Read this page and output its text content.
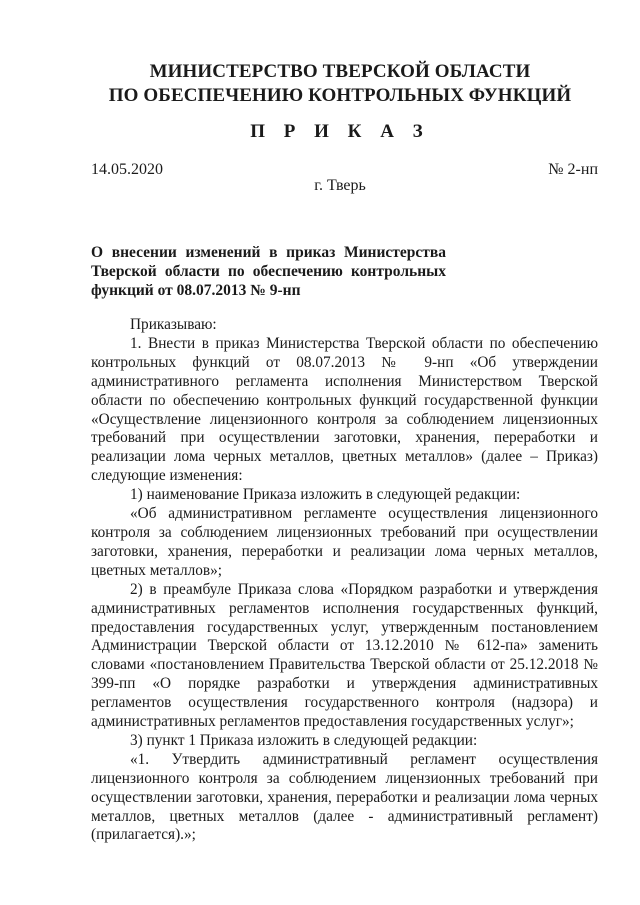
МИНИСТЕРСТВО ТВЕРСКОЙ ОБЛАСТИ
ПО ОБЕСПЕЧЕНИЮ КОНТРОЛЬНЫХ ФУНКЦИЙ
П Р И К А З
14.05.2020	№ 2-нп
г. Тверь
О внесении изменений в приказ Министерства Тверской области по обеспечению контрольных функций от 08.07.2013 № 9-нп

Приказываю:

1. Внести в приказ Министерства Тверской области по обеспечению контрольных функций от 08.07.2013 № 9-нп «Об утверждении административного регламента исполнения Министерством Тверской области по обеспечению контрольных функций государственной функции «Осуществление лицензионного контроля за соблюдением лицензионных требований при осуществлении заготовки, хранения, переработки и реализации лома черных металлов, цветных металлов» (далее – Приказ) следующие изменения:

1) наименование Приказа изложить в следующей редакции:

«Об административном регламенте осуществления лицензионного контроля за соблюдением лицензионных требований при осуществлении заготовки, хранения, переработки и реализации лома черных металлов, цветных металлов»;

2) в преамбуле Приказа слова «Порядком разработки и утверждения административных регламентов исполнения государственных функций, предоставления государственных услуг, утвержденным постановлением Администрации Тверской области от 13.12.2010 № 612-па» заменить словами «постановлением Правительства Тверской области от 25.12.2018 № 399-пп «О порядке разработки и утверждения административных регламентов осуществления государственного контроля (надзора) и административных регламентов предоставления государственных услуг»;

3) пункт 1 Приказа изложить в следующей редакции:

«1. Утвердить административный регламент осуществления лицензионного контроля за соблюдением лицензионных требований при осуществлении заготовки, хранения, переработки и реализации лома черных металлов, цветных металлов (далее - административный регламент) (прилагается).»;
